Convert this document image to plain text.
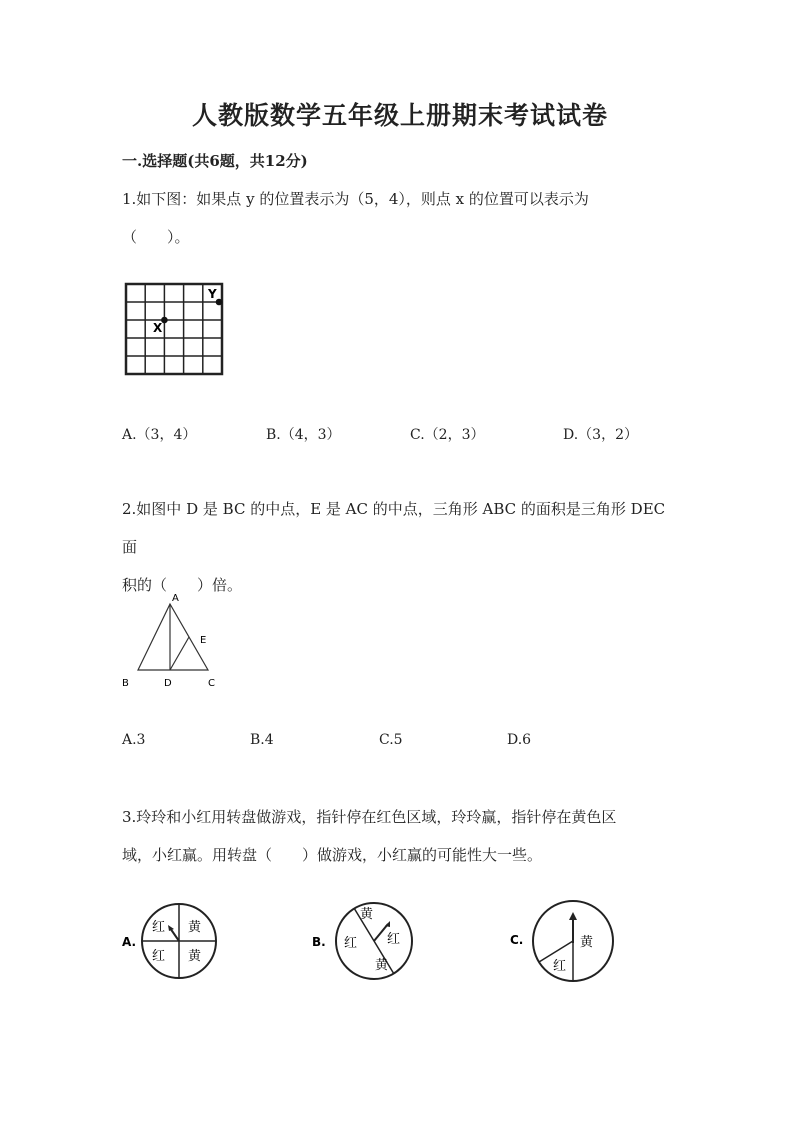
人教版数学五年级上册期末考试试卷
一.选择题(共6题，共12分)
1.如下图：如果点 y 的位置表示为（5，4），则点 x 的位置可以表示为
（　　）。
X
Y
A.（3，4）	B.（4，3）	C.（2，3）	D.（3，2）
2.如图中 D 是 BC 的中点，E 是 AC 的中点，三角形 ABC 的面积是三角形 DEC 面
积的（　　）倍。
A
E
B	D	C
A.3	B.4	C.5	D.6
3.玲玲和小红用转盘做游戏，指针停在红色区域，玲玲赢，指针停在黄色区
域，小红赢。用转盘（　　）做游戏，小红赢的可能性大一些。
A.
红 黄
红 黄
B.
黄
红 红
黄
C.	黄
红
